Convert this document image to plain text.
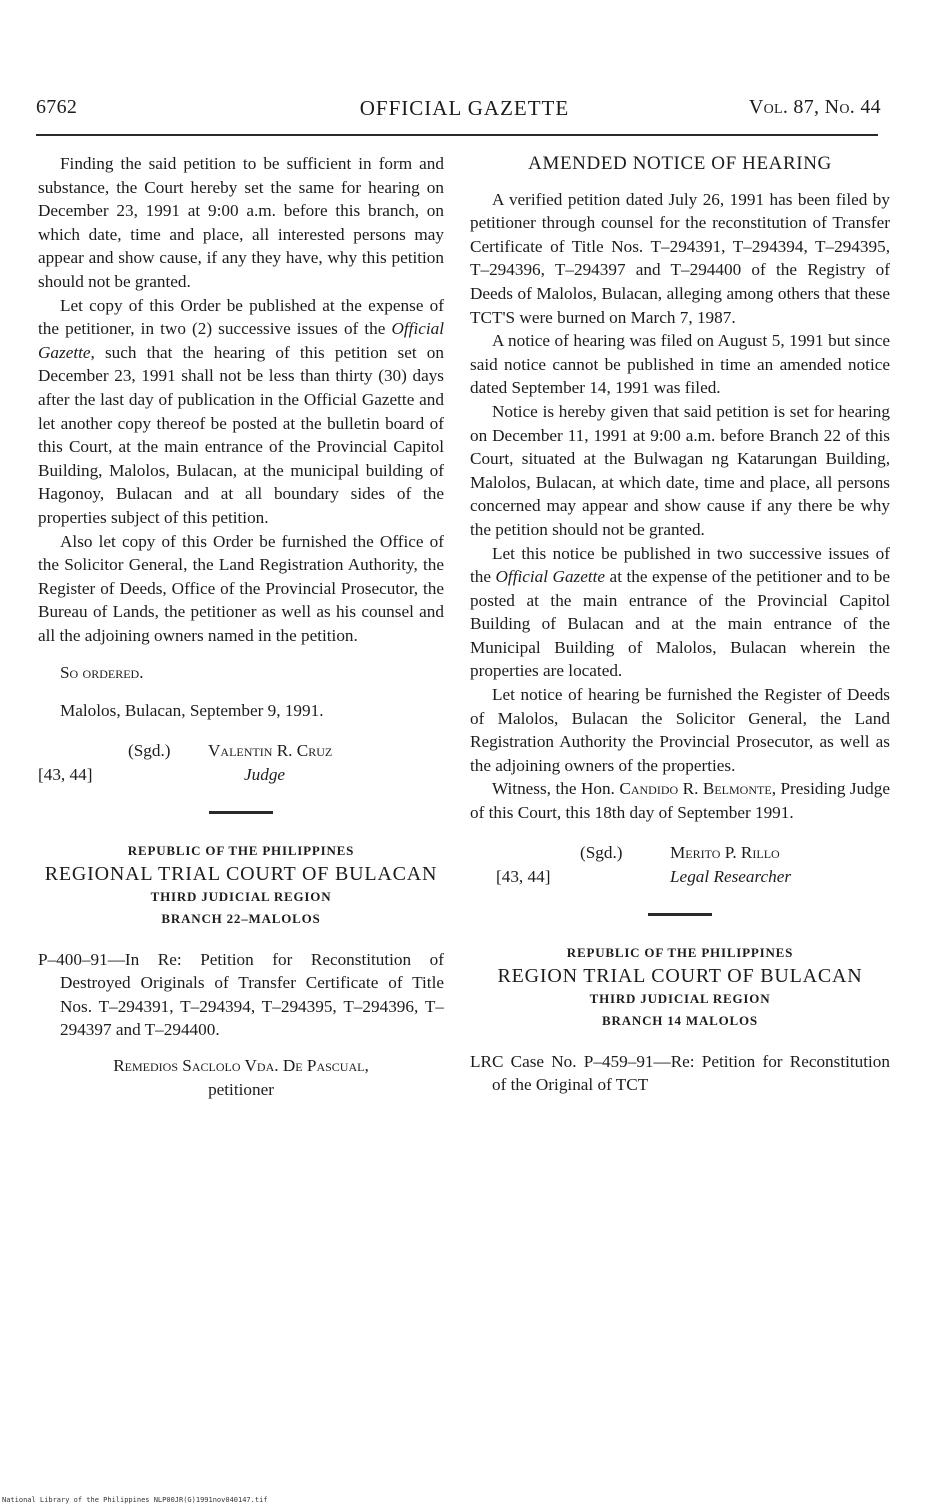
6762	OFFICIAL GAZETTE	Vol. 87, No. 44

Finding the said petition to be sufficient in form and substance, the Court hereby set the same for hearing on December 23, 1991 at 9:00 a.m. before this branch, on which date, time and place, all interested persons may appear and show cause, if any they have, why this petition should not be granted.

Let copy of this Order be published at the expense of the petitioner, in two (2) successive issues of the Official Gazette, such that the hearing of this petition set on December 23, 1991 shall not be less than thirty (30) days after the last day of publication in the Official Gazette and let another copy thereof be posted at the bulletin board of this Court, at the main entrance of the Provincial Capitol Building, Malolos, Bulacan, at the municipal building of Hagonoy, Bulacan and at all boundary sides of the properties subject of this petition.

Also let copy of this Order be furnished the Office of the Solicitor General, the Land Registration Authority, the Register of Deeds, Office of the Provincial Prosecutor, the Bureau of Lands, the petitioner as well as his counsel and all the adjoining owners named in the petition.

So ordered.

Malolos, Bulacan, September 9, 1991.

(Sgd.) Valentin R. Cruz
[43, 44]	Judge
REPUBLIC OF THE PHILIPPINES
REGIONAL TRIAL COURT OF BULACAN
THIRD JUDICIAL REGION
BRANCH 22–MALOLOS

P–400–91—In Re: Petition for Reconstitution of Destroyed Originals of Transfer Certificate of Title Nos. T–294391, T–294394, T–294395, T–294396, T–294397 and T–294400.

Remedios Saclolo Vda. De Pascual,

petitioner

AMENDED NOTICE OF HEARING

A verified petition dated July 26, 1991 has been filed by petitioner through counsel for the reconstitution of Transfer Certificate of Title Nos. T–294391, T–294394, T–294395, T–294396, T–294397 and T–294400 of the Registry of Deeds of Malolos, Bulacan, alleging among others that these TCT'S were burned on March 7, 1987.

A notice of hearing was filed on August 5, 1991 but since said notice cannot be published in time an amended notice dated September 14, 1991 was filed.

Notice is hereby given that said petition is set for hearing on December 11, 1991 at 9:00 a.m. before Branch 22 of this Court, situated at the Bulwagan ng Katarungan Building, Malolos, Bulacan, at which date, time and place, all persons concerned may appear and show cause if any there be why the petition should not be granted.

Let this notice be published in two successive issues of the Official Gazette at the expense of the petitioner and to be posted at the main entrance of the Provincial Capitol Building of Bulacan and at the main entrance of the Municipal Building of Malolos, Bulacan wherein the properties are located.

Let notice of hearing be furnished the Register of Deeds of Malolos, Bulacan the Solicitor General, the Land Registration Authority the Provincial Prosecutor, as well as the adjoining owners of the properties.

Witness, the Hon. Candido R. Belmonte, Presiding Judge of this Court, this 18th day of September 1991.

(Sgd.)	Merito P. Rillo
[43, 44]	Legal Researcher
REPUBLIC OF THE PHILIPPINES
REGION TRIAL COURT OF BULACAN
THIRD JUDICIAL REGION
BRANCH 14 MALOLOS

LRC Case No. P–459–91—Re: Petition for Reconstitution of the Original of TCT

National Library of the Philippines NLP00JR(G)1991nov040147.tif
